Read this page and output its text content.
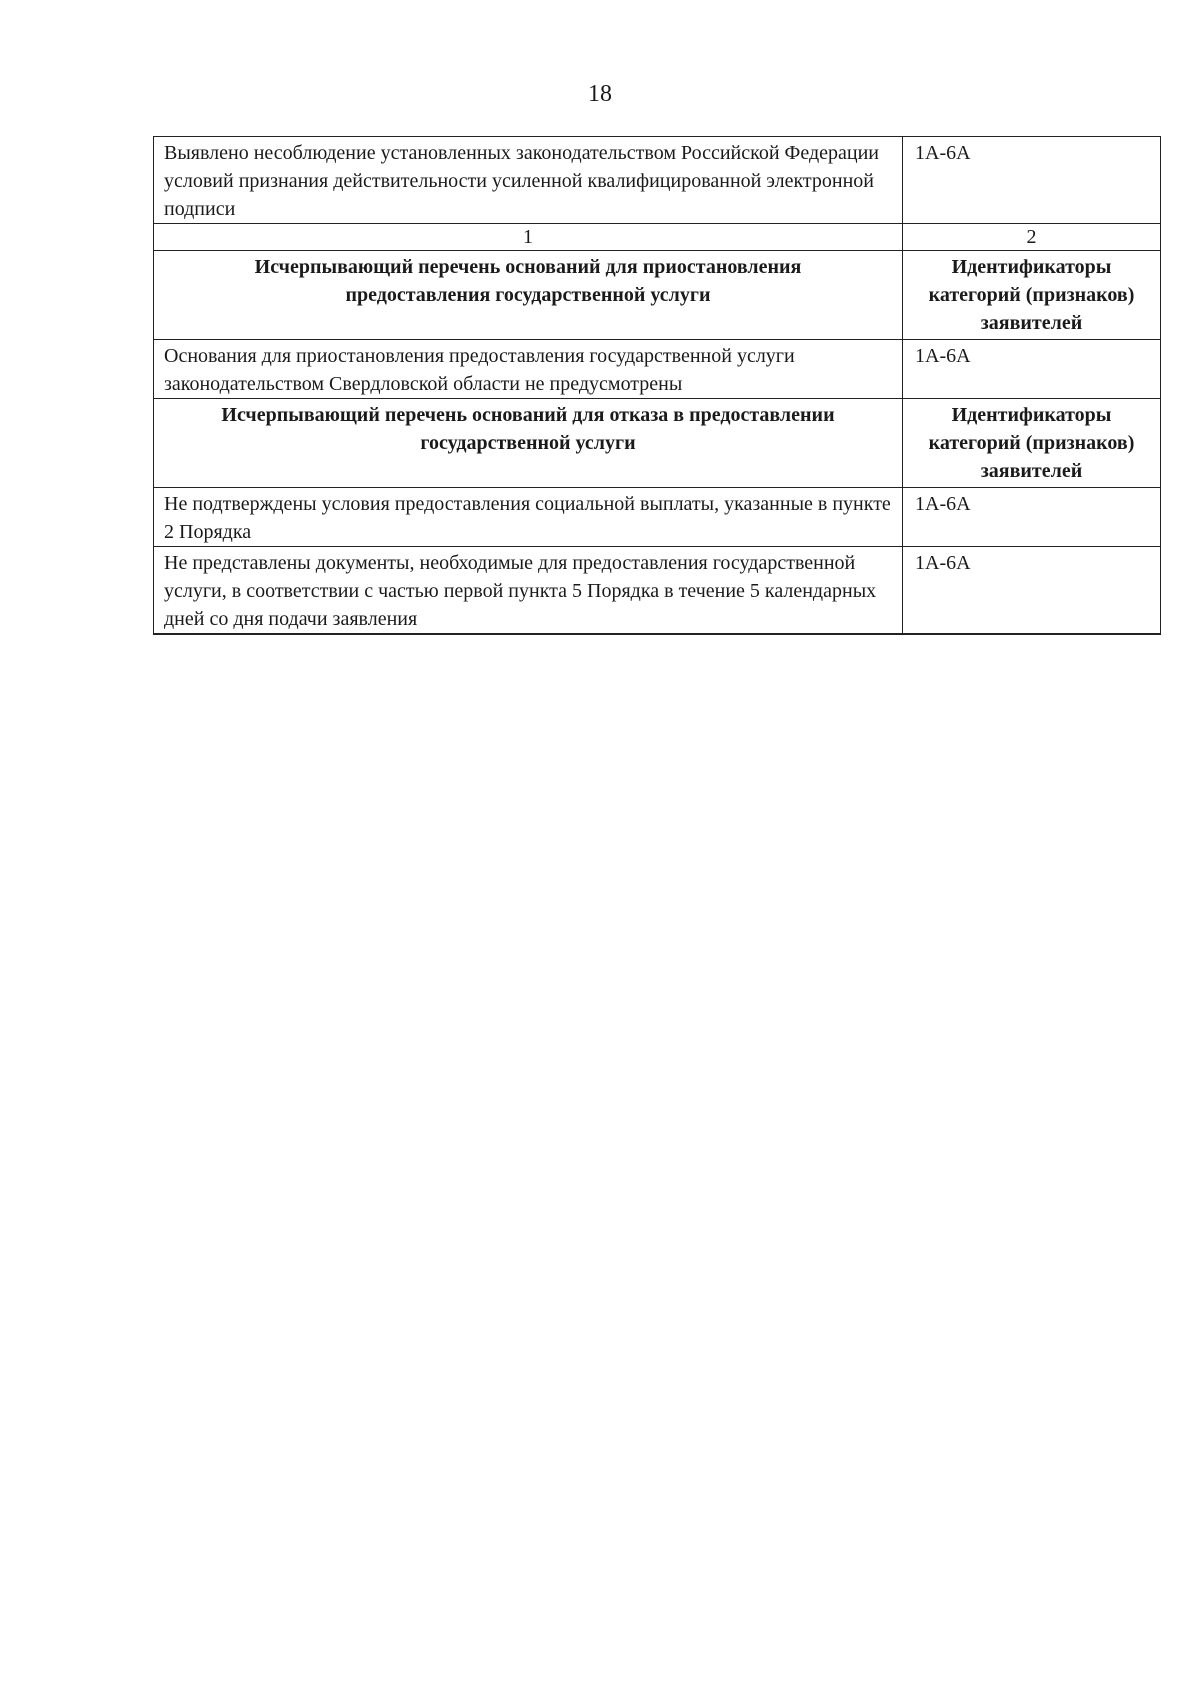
18
Выявлено несоблюдение установленных законодательством Российской Федерации условий признания действительности усиленной квалифицированной электронной подписи	1А-6А
1	2
Исчерпывающий перечень оснований для приостановления предоставления государственной услуги	Идентификаторы категорий (признаков) заявителей
Основания для приостановления предоставления государственной услуги законодательством Свердловской области не предусмотрены	1А-6А
Исчерпывающий перечень оснований для отказа в предоставлении государственной услуги	Идентификаторы категорий (признаков) заявителей
Не подтверждены условия предоставления социальной выплаты, указанные в пункте 2 Порядка	1А-6А
Не представлены документы, необходимые для предоставления государственной услуги, в соответствии с частью первой пункта 5 Порядка в течение 5 календарных дней со дня подачи заявления	1А-6А
